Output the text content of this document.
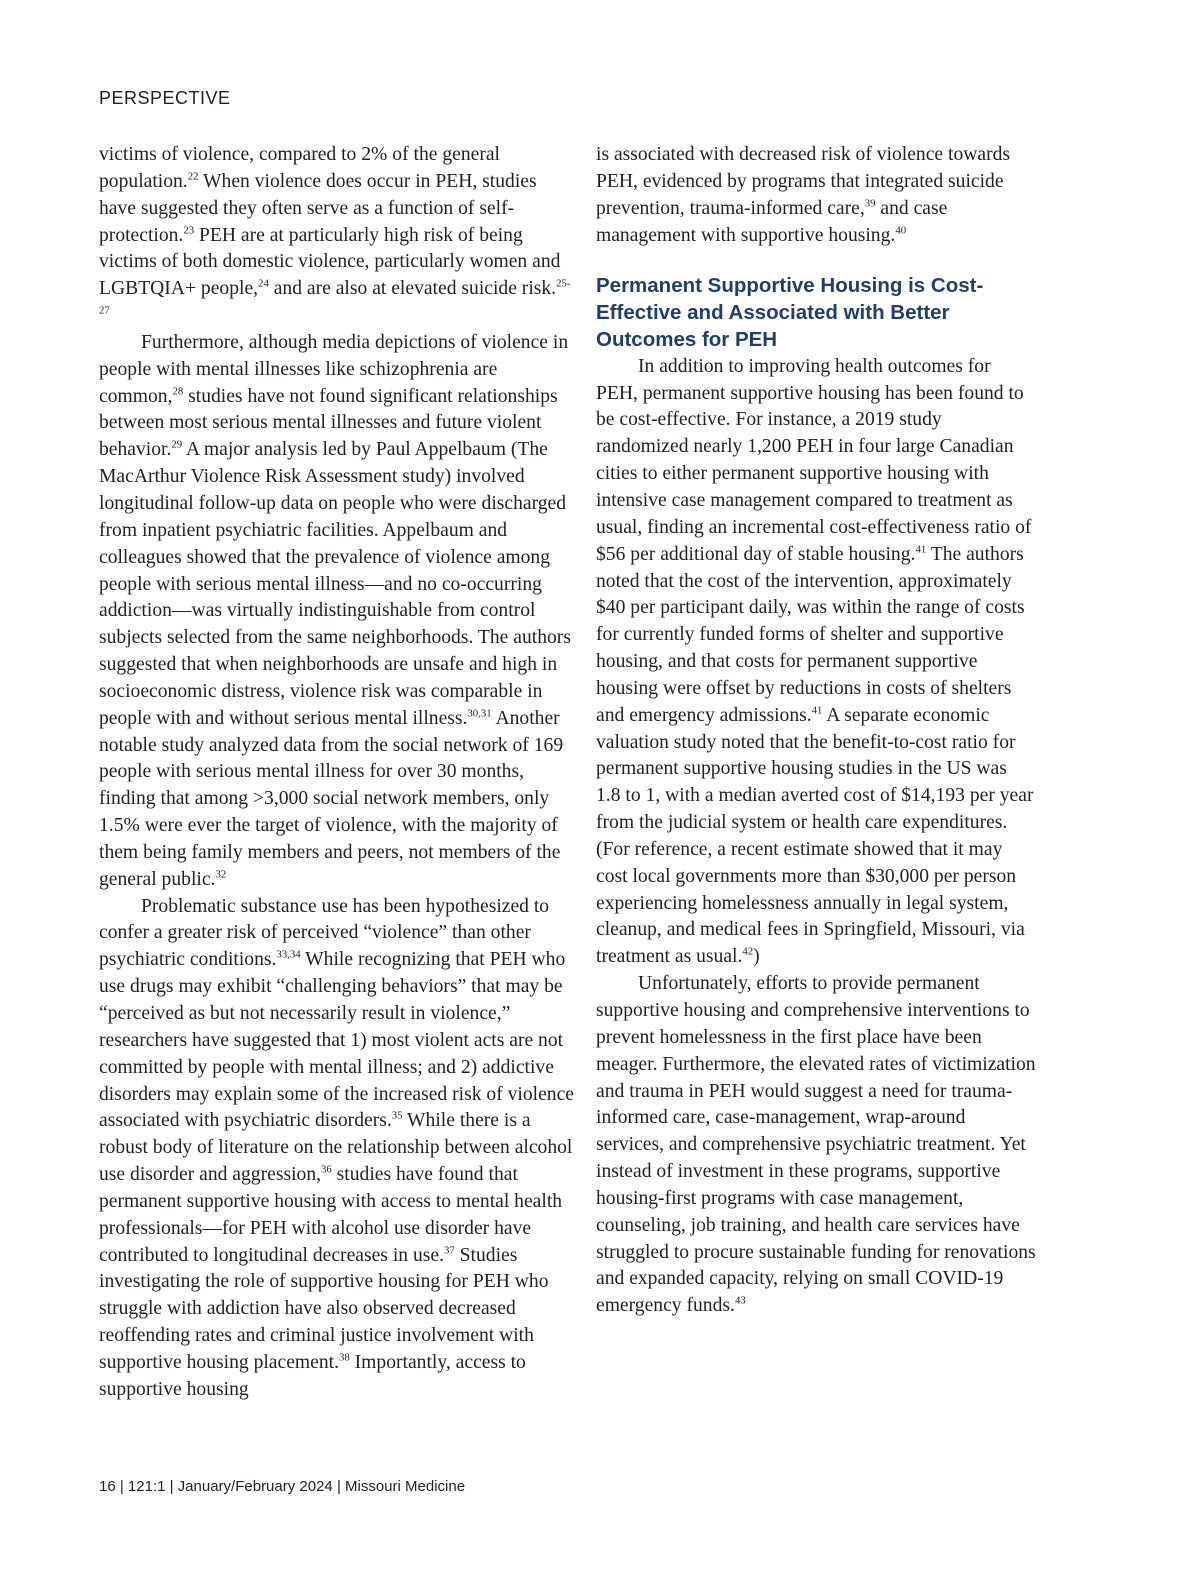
PERSPECTIVE

victims of violence, compared to 2% of the general population.$^{22}$ When violence does occur in PEH, studies have suggested they often serve as a function of self-protection.$^{23}$ PEH are at particularly high risk of being victims of both domestic violence, particularly women and LGBTQIA+ people,$^{24}$ and are also at elevated suicide risk.$^{25-27}$

Furthermore, although media depictions of violence in people with mental illnesses like schizophrenia are common,$^{28}$ studies have not found significant relationships between most serious mental illnesses and future violent behavior.$^{29}$ A major analysis led by Paul Appelbaum (The MacArthur Violence Risk Assessment study) involved longitudinal follow-up data on people who were discharged from inpatient psychiatric facilities. Appelbaum and colleagues showed that the prevalence of violence among people with serious mental illness—and no co-occurring addiction—was virtually indistinguishable from control subjects selected from the same neighborhoods. The authors suggested that when neighborhoods are unsafe and high in socioeconomic distress, violence risk was comparable in people with and without serious mental illness.$^{30,31}$ Another notable study analyzed data from the social network of 169 people with serious mental illness for over 30 months, finding that among >3,000 social network members, only 1.5% were ever the target of violence, with the majority of them being family members and peers, not members of the general public.$^{32}$

Problematic substance use has been hypothesized to confer a greater risk of perceived “violence” than other psychiatric conditions.$^{33,34}$ While recognizing that PEH who use drugs may exhibit “challenging behaviors” that may be “perceived as but not necessarily result in violence,” researchers have suggested that 1) most violent acts are not committed by people with mental illness; and 2) addictive disorders may explain some of the increased risk of violence associated with psychiatric disorders.$^{35}$ While there is a robust body of literature on the relationship between alcohol use disorder and aggression,$^{36}$ studies have found that permanent supportive housing with access to mental health professionals—for PEH with alcohol use disorder have contributed to longitudinal decreases in use.$^{37}$ Studies investigating the role of supportive housing for PEH who struggle with addiction have also observed decreased reoffending rates and criminal justice involvement with supportive housing placement.$^{38}$ Importantly, access to supportive housing

is associated with decreased risk of violence towards PEH, evidenced by programs that integrated suicide prevention, trauma-informed care,$^{39}$ and case management with supportive housing.$^{40}$

Permanent Supportive Housing is Cost-Effective and Associated with Better Outcomes for PEH

In addition to improving health outcomes for PEH, permanent supportive housing has been found to be cost-effective. For instance, a 2019 study randomized nearly 1,200 PEH in four large Canadian cities to either permanent supportive housing with intensive case management compared to treatment as usual, finding an incremental cost-effectiveness ratio of $56 per additional day of stable housing.$^{41}$ The authors noted that the cost of the intervention, approximately $40 per participant daily, was within the range of costs for currently funded forms of shelter and supportive housing, and that costs for permanent supportive housing were offset by reductions in costs of shelters and emergency admissions.$^{41}$ A separate economic valuation study noted that the benefit-to-cost ratio for permanent supportive housing studies in the US was 1.8 to 1, with a median averted cost of $14,193 per year from the judicial system or health care expenditures. (For reference, a recent estimate showed that it may cost local governments more than $30,000 per person experiencing homelessness annually in legal system, cleanup, and medical fees in Springfield, Missouri, via treatment as usual.$^{42}$)

Unfortunately, efforts to provide permanent supportive housing and comprehensive interventions to prevent homelessness in the first place have been meager. Furthermore, the elevated rates of victimization and trauma in PEH would suggest a need for trauma-informed care, case-management, wrap-around services, and comprehensive psychiatric treatment. Yet instead of investment in these programs, supportive housing-first programs with case management, counseling, job training, and health care services have struggled to procure sustainable funding for renovations and expanded capacity, relying on small COVID-19 emergency funds.$^{43}$

16 | 121:1 | January/February 2024 | Missouri Medicine
